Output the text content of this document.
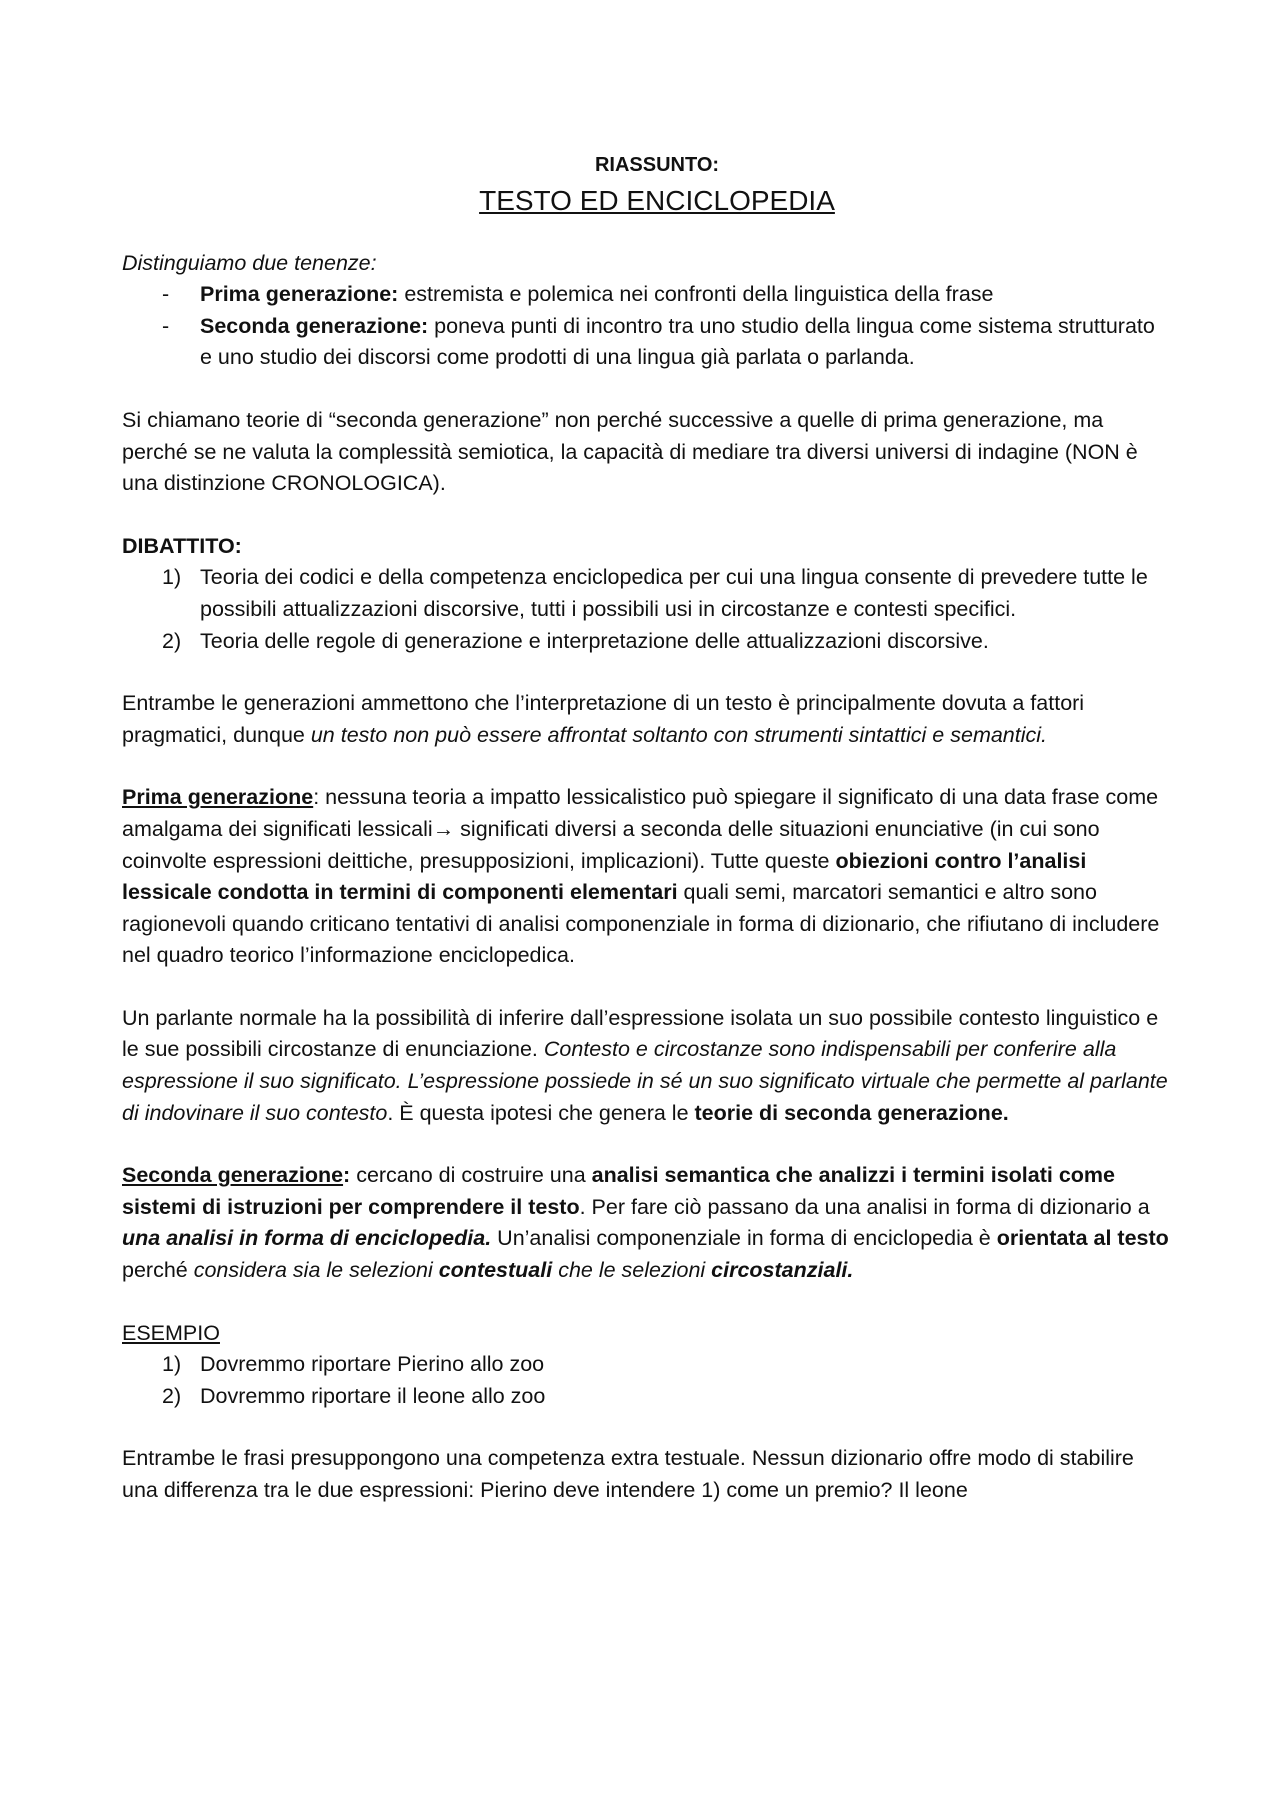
RIASSUNTO:
TESTO ED ENCICLOPEDIA

Distinguiamo due tenenze:

- Prima generazione: estremista e polemica nei confronti della linguistica della frase
- Seconda generazione: poneva punti di incontro tra uno studio della lingua come sistema strutturato e uno studio dei discorsi come prodotti di una lingua già parlata o parlanda.

Si chiamano teorie di “seconda generazione” non perché successive a quelle di prima generazione, ma perché se ne valuta la complessità semiotica, la capacità di mediare tra diversi universi di indagine (NON è una distinzione CRONOLOGICA).

DIBATTITO:

1) Teoria dei codici e della competenza enciclopedica per cui una lingua consente di prevedere tutte le possibili attualizzazioni discorsive, tutti i possibili usi in circostanze e contesti specifici.
2) Teoria delle regole di generazione e interpretazione delle attualizzazioni discorsive.

Entrambe le generazioni ammettono che l’interpretazione di un testo è principalmente dovuta a fattori pragmatici, dunque un testo non può essere affrontat soltanto con strumenti sintattici e semantici.

Prima generazione: nessuna teoria a impatto lessicalistico può spiegare il significato di una data frase come amalgama dei significati lessicali→ significati diversi a seconda delle situazioni enunciative (in cui sono coinvolte espressioni deittiche, presupposizioni, implicazioni). Tutte queste obiezioni contro l’analisi lessicale condotta in termini di componenti elementari quali semi, marcatori semantici e altro sono ragionevoli quando criticano tentativi di analisi componenziale in forma di dizionario, che rifiutano di includere nel quadro teorico l’informazione enciclopedica.

Un parlante normale ha la possibilità di inferire dall’espressione isolata un suo possibile contesto linguistico e le sue possibili circostanze di enunciazione. Contesto e circostanze sono indispensabili per conferire alla espressione il suo significato. L’espressione possiede in sé un suo significato virtuale che permette al parlante di indovinare il suo contesto. È questa ipotesi che genera le teorie di seconda generazione.

Seconda generazione: cercano di costruire una analisi semantica che analizzi i termini isolati come sistemi di istruzioni per comprendere il testo. Per fare ciò passano da una analisi in forma di dizionario a una analisi in forma di enciclopedia. Un’analisi componenziale in forma di enciclopedia è orientata al testo perché considera sia le selezioni contestuali che le selezioni circostanziali.

ESEMPIO

1) Dovremmo riportare Pierino allo zoo
2) Dovremmo riportare il leone allo zoo

Entrambe le frasi presuppongono una competenza extra testuale. Nessun dizionario offre modo di stabilire una differenza tra le due espressioni: Pierino deve intendere 1) come un premio? Il leone
